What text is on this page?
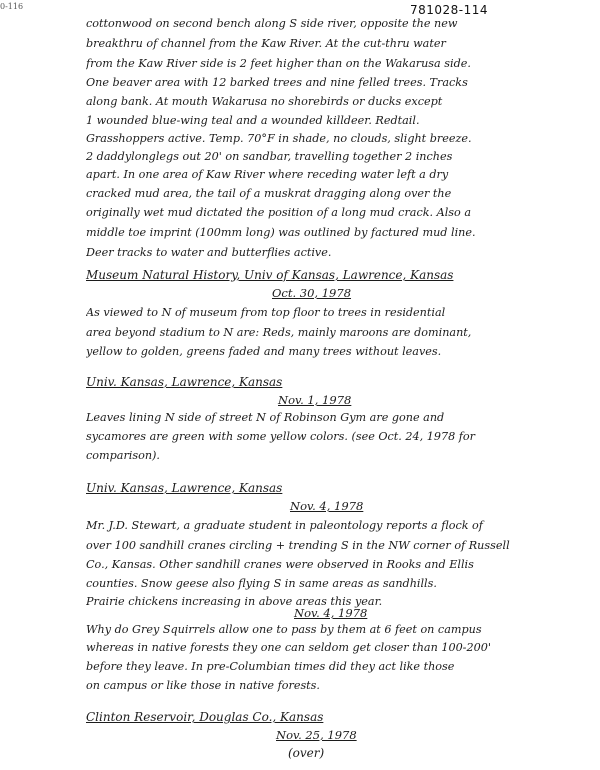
0-116	781028-114
cottonwood on second bench along S side river, opposite the new
breakthru of channel from the Kaw River. At the cut-thru water
from the Kaw River side is 2 feet higher than on the Wakarusa side.
One beaver area with 12 barked trees and nine felled trees. Tracks
along bank. At mouth Wakarusa no shorebirds or ducks except
1 wounded blue-wing teal and a wounded killdeer. Redtail.
Grasshoppers active. Temp. 70°F in shade, no clouds, slight breeze.
2 daddylonglegs out 20' on sandbar, travelling together 2 inches
apart. In one area of Kaw River where receding water left a dry
cracked mud area, the tail of a muskrat dragging along over the
originally wet mud dictated the position of a long mud crack. Also a
middle toe imprint (100mm long) was outlined by factured mud line.
Deer tracks to water and butterflies active.
Museum Natural History, Univ of Kansas, Lawrence, Kansas
Oct. 30, 1978
As viewed to N of museum from top floor to trees in residential
area beyond stadium to N are: Reds, mainly maroons are dominant,
yellow to golden, greens faded and many trees without leaves.
Univ. Kansas, Lawrence, Kansas
Nov. 1, 1978
Leaves lining N side of street N of Robinson Gym are gone and
sycamores are green with some yellow colors. (see Oct. 24, 1978 for
comparison).
Univ. Kansas, Lawrence, Kansas
Nov. 4, 1978
Mr. J.D. Stewart, a graduate student in paleontology reports a flock of
over 100 sandhill cranes circling + trending S in the NW corner of Russell
Co., Kansas. Other sandhill cranes were observed in Rooks and Ellis
counties. Snow geese also flying S in same areas as sandhills.
Prairie chickens increasing in above areas this year.
Nov. 4, 1978
Why do Grey Squirrels allow one to pass by them at 6 feet on campus
whereas in native forests they one can seldom get closer than 100-200'
before they leave. In pre-Columbian times did they act like those
on campus or like those in native forests.
Clinton Reservoir, Douglas Co., Kansas
Nov. 25, 1978
(over)
